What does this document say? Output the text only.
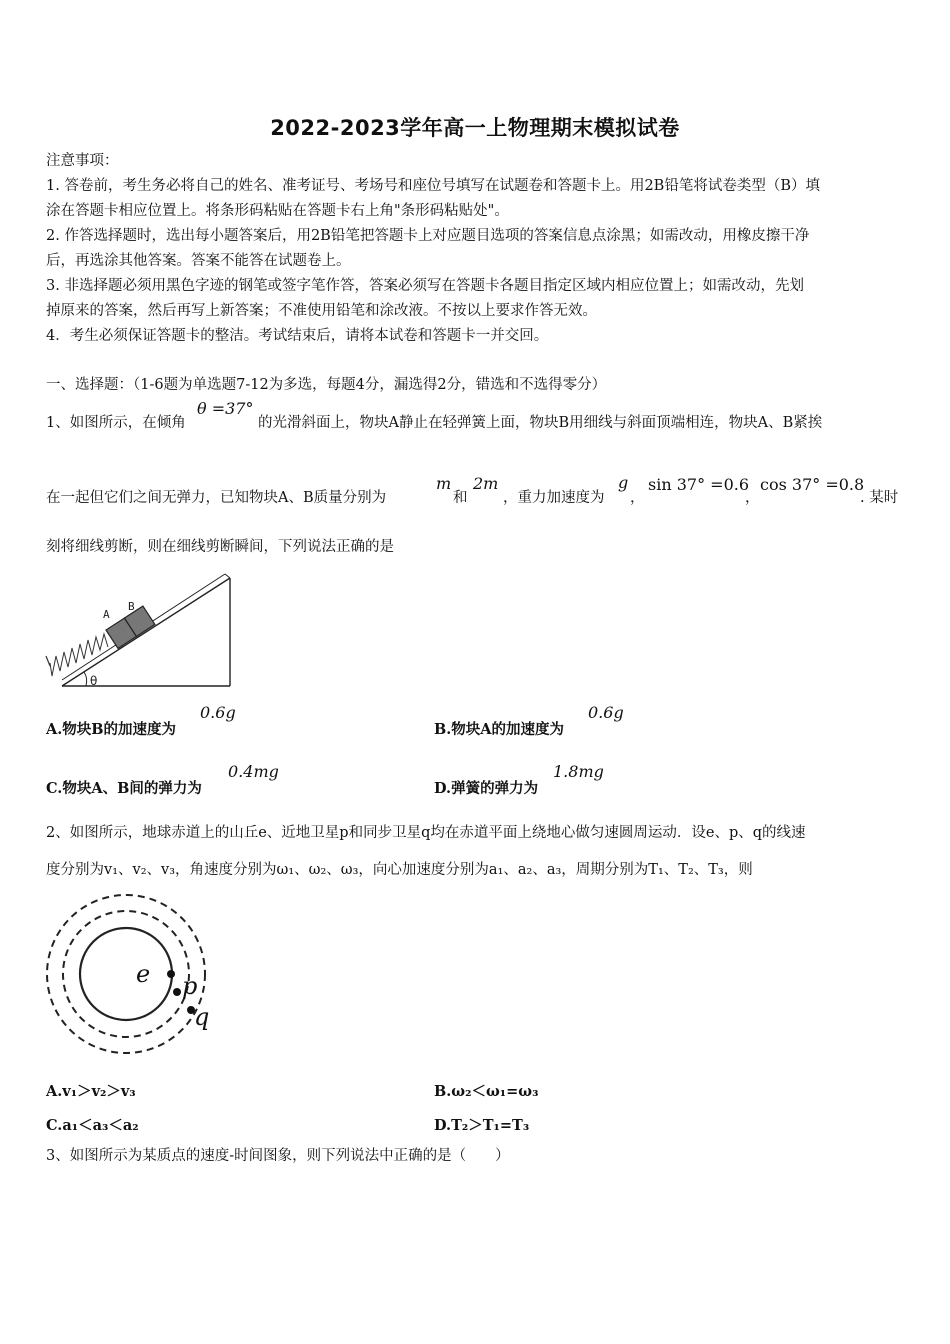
2022-2023学年高一上物理期末模拟试卷
注意事项：
1. 答卷前，考生务必将自己的姓名、准考证号、考场号和座位号填写在试题卷和答题卡上。用2B铅笔将试卷类型（B）填
涂在答题卡相应位置上。将条形码粘贴在答题卡右上角"条形码粘贴处"。
2. 作答选择题时，选出每小题答案后，用2B铅笔把答题卡上对应题目选项的答案信息点涂黑；如需改动，用橡皮擦干净
后，再选涂其他答案。答案不能答在试题卷上。
3. 非选择题必须用黑色字迹的钢笔或签字笔作答，答案必须写在答题卡各题目指定区域内相应位置上；如需改动，先划
掉原来的答案，然后再写上新答案；不准使用铅笔和涂改液。不按以上要求作答无效。
4．考生必须保证答题卡的整洁。考试结束后，请将本试卷和答题卡一并交回。
一、选择题：（1-6题为单选题7-12为多选，每题4分，漏选得2分，错选和不选得零分）
1、如图所示，在倾角
θ =37°
的光滑斜面上，物块A静止在轻弹簧上面，物块B用细线与斜面顶端相连，物块A、B紧挨
在一起但它们之间无弹力，已知物块A、B质量分别为
m
和
2m
，重力加速度为
g
，
sin 37° =0.6
，
cos 37° =0.8
. 某时
刻将细线剪断，则在细线剪断瞬间，下列说法正确的是
A
B
θ
A.物块B的加速度为
0.6g
B.物块A的加速度为
0.6g
C.物块A、B间的弹力为
0.4mg
D.弹簧的弹力为
1.8mg
2、如图所示，地球赤道上的山丘e、近地卫星p和同步卫星q均在赤道平面上绕地心做匀速圆周运动．设e、p、q的线速
度分别为v₁、v₂、v₃，角速度分别为ω₁、ω₂、ω₃，向心加速度分别为a₁、a₂、a₃，周期分别为T₁、T₂、T₃，则
e p
q
A.v₁＞v₂＞v₃	B.ω₂＜ω₁=ω₃
C.a₁＜a₃＜a₂	D.T₂＞T₁=T₃
3、如图所示为某质点的速度-时间图象，则下列说法中正确的是（　　）
